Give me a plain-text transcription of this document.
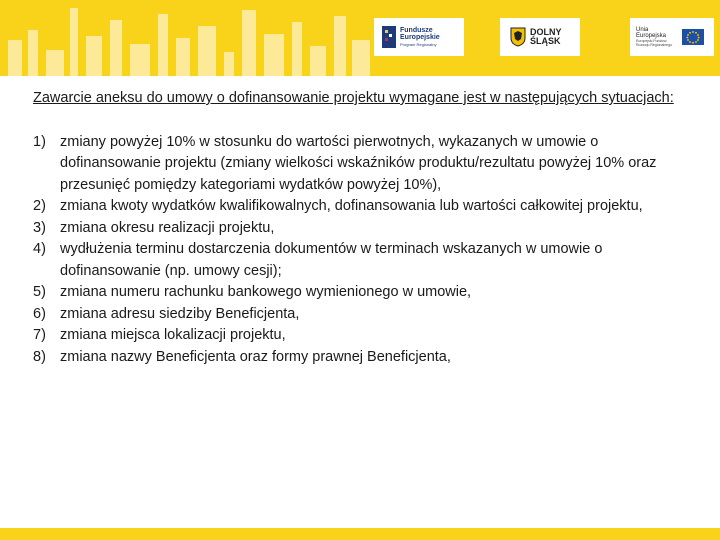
Fundusze
Europejskie
Program Regionalny
DOLNY
ŚLĄSK
Unia Europejska
Europejski Fundusz
Rozwoju Regionalnego

Zawarcie aneksu do umowy o dofinansowanie projektu wymagane jest w następujących sytuacjach:

1) zmiany powyżej 10% w stosunku do wartości pierwotnych, wykazanych w umowie o dofinansowanie projektu (zmiany wielkości wskaźników produktu/rezultatu powyżej 10% oraz przesunięć pomiędzy kategoriami wydatków powyżej 10%),
2) zmiana kwoty wydatków kwalifikowalnych, dofinansowania lub wartości całkowitej projektu,
3) zmiana okresu realizacji projektu,
4) wydłużenia terminu dostarczenia dokumentów w terminach wskazanych w umowie o dofinansowanie (np. umowy cesji);
5) zmiana numeru rachunku bankowego wymienionego w umowie,
6) zmiana adresu siedziby Beneficjenta,
7) zmiana miejsca lokalizacji projektu,
8) zmiana nazwy Beneficjenta oraz formy prawnej Beneficjenta,
